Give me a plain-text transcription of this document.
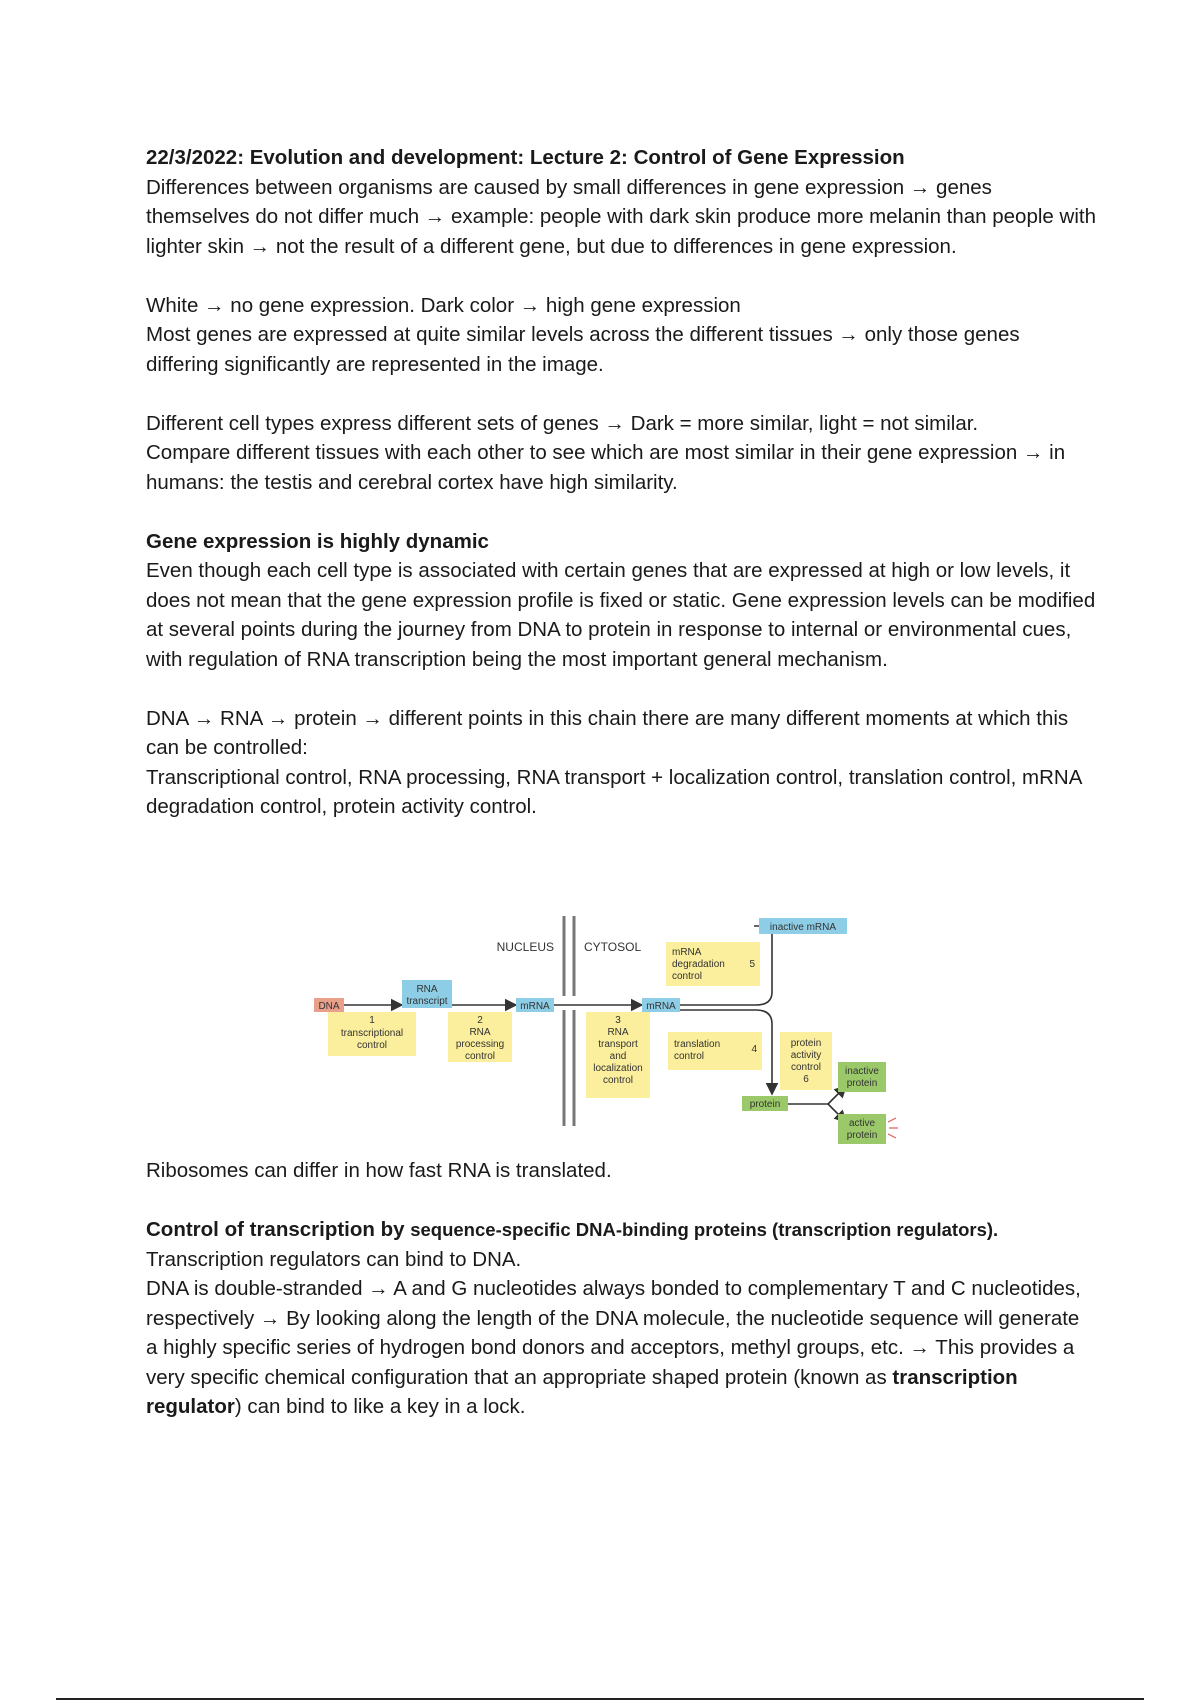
22/3/2022: Evolution and development: Lecture 2: Control of Gene Expression

Differences between organisms are caused by small differences in gene expression → genes themselves do not differ much → example: people with dark skin produce more melanin than people with lighter skin → not the result of a different gene, but due to differences in gene expression.

White → no gene expression. Dark color → high gene expression

Most genes are expressed at quite similar levels across the different tissues → only those genes differing significantly are represented in the image.

Different cell types express different sets of genes → Dark = more similar, light = not similar.

Compare different tissues with each other to see which are most similar in their gene expression → in humans: the testis and cerebral cortex have high similarity.

Gene expression is highly dynamic

Even though each cell type is associated with certain genes that are expressed at high or low levels, it does not mean that the gene expression profile is fixed or static. Gene expression levels can be modified at several points during the journey from DNA to protein in response to internal or environmental cues, with regulation of RNA transcription being the most important general mechanism.

DNA → RNA → protein → different points in this chain there are many different moments at which this can be controlled:

Transcriptional control, RNA processing, RNA transport + localization control, translation control, mRNA degradation control, protein activity control.

NUCLEUS	CYTOSOL
DNA
RNA
transcript	mRNA	mRNA
inactive mRNA
1
transcriptional
control
2
RNA
processing
control
3
RNA
transport
and
localization
control
translation
control
4
mRNA
degradation
control
5
protein
activity
control
6
protein
inactive
protein
active
protein

Ribosomes can differ in how fast RNA is translated.

Control of transcription by sequence-specific DNA-binding proteins (transcription regulators).

Transcription regulators can bind to DNA.

DNA is double-stranded → A and G nucleotides always bonded to complementary T and C nucleotides, respectively → By looking along the length of the DNA molecule, the nucleotide sequence will generate a highly specific series of hydrogen bond donors and acceptors, methyl groups, etc. → This provides a very specific chemical configuration that an appropriate shaped protein (known as transcription regulator) can bind to like a key in a lock.
